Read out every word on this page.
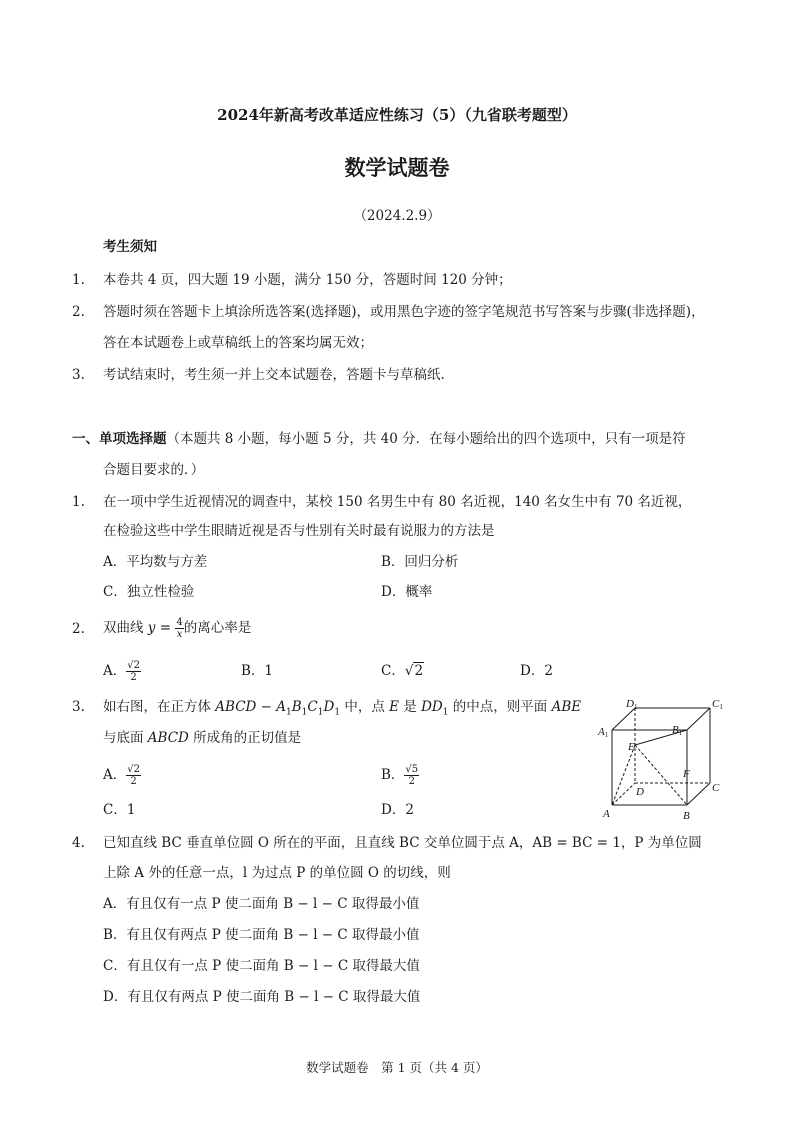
2024年新高考改革适应性练习（5）（九省联考题型）
数学试题卷
（2024.2.9）
考生须知
1. 本卷共 4 页，四大题 19 小题，满分 150 分，答题时间 120 分钟；
2. 答题时须在答题卡上填涂所选答案(选择题)，或用黑色字迹的签字笔规范书写答案与步骤(非选择题)，
答在本试题卷上或草稿纸上的答案均属无效；
3. 考试结束时，考生须一并上交本试题卷，答题卡与草稿纸.
一、单项选择题（本题共 8 小题，每小题 5 分，共 40 分．在每小题给出的四个选项中，只有一项是符
合题目要求的．）
1. 在一项中学生近视情况的调查中，某校 150 名男生中有 80 名近视，140 名女生中有 70 名近视，
在检验这些中学生眼睛近视是否与性别有关时最有说服力的方法是
A．平均数与方差	B．回归分析
C．独立性检验	D．概率
2. 双曲线 $y = \frac{4}{x}$ 的离心率是
A． $\frac{√2}{2}$	B．1	C．√2	D．2
3. 如右图，在正方体 ABCD − $A_1B_1C_1D_1$ 中，点 E 是 $DD_1$ 的中点，则平面 ABE
与底面 ABCD 所成角的正切值是
A． $\frac{√2}{2}$	B． $\frac{√5}{2}$
C．1	D．2
D1	C1
A1	B1
E
F
D	C
A	B
4. 已知直线 BC 垂直单位圆 O 所在的平面，且直线 BC 交单位圆于点 A，AB = BC = 1，P 为单位圆
上除 A 外的任意一点，l 为过点 P 的单位圆 O 的切线，则
A．有且仅有一点 P 使二面角 B − l − C 取得最小值
B．有且仅有两点 P 使二面角 B − l − C 取得最小值
C．有且仅有一点 P 使二面角 B − l − C 取得最大值
D．有且仅有两点 P 使二面角 B − l − C 取得最大值
数学试题卷　第 1 页（共 4 页）
